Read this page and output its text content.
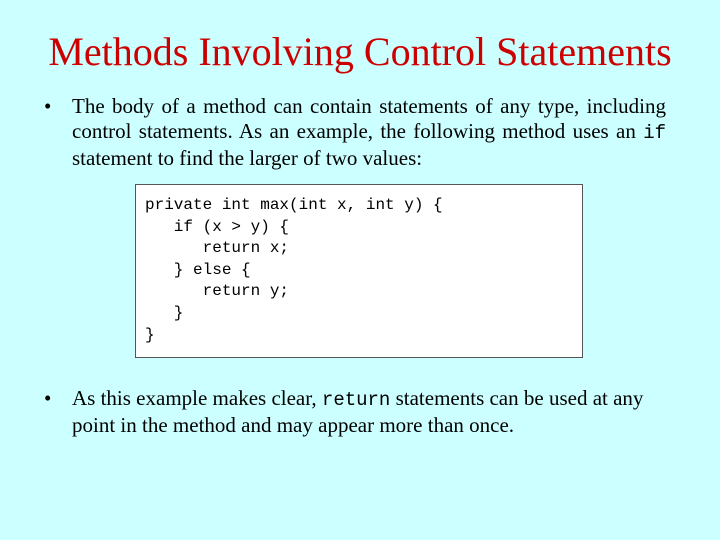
Methods Involving Control Statements
• The body of a method can contain statements of any type, including control statements. As an example, the following method uses an if statement to find the larger of two values:
private int max(int x, int y) {
if (x > y) {
return x;
} else {
return y;
}
}
• As this example makes clear, return statements can be used at any point in the method and may appear more than once.
